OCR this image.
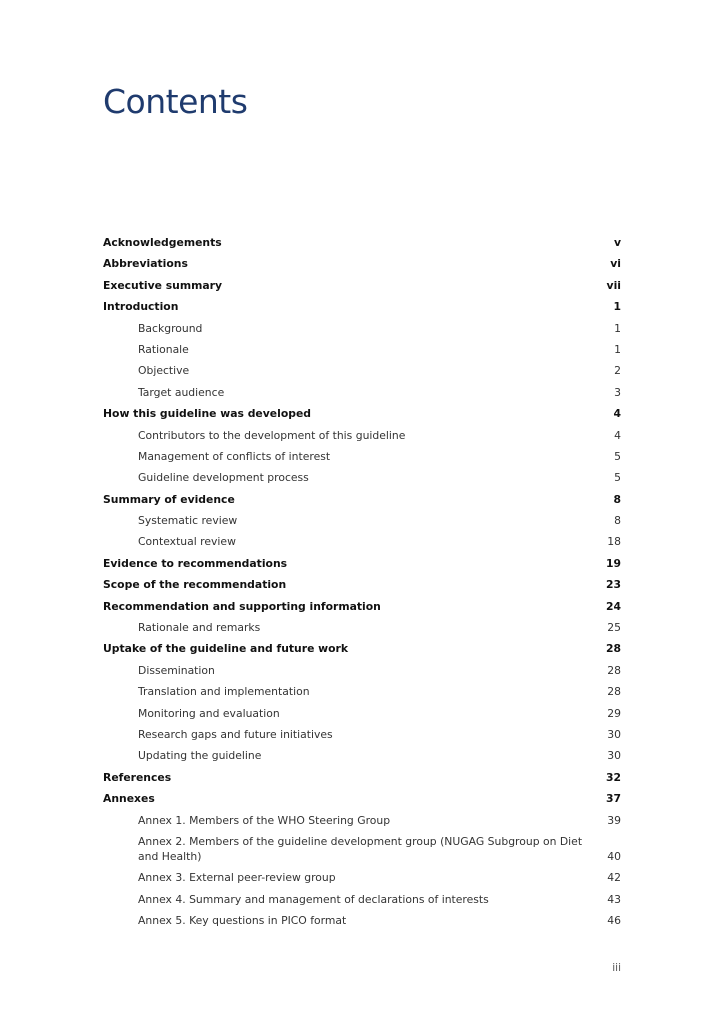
Contents
Acknowledgements	v
Abbreviations	vi
Executive summary	vii
Introduction	1
Background	1
Rationale	1
Objective	2
Target audience	3
How this guideline was developed	4
Contributors to the development of this guideline	4
Management of conflicts of interest	5
Guideline development process	5
Summary of evidence	8
Systematic review	8
Contextual review	18
Evidence to recommendations	19
Scope of the recommendation	23
Recommendation and supporting information	24
Rationale and remarks	25
Uptake of the guideline and future work	28
Dissemination	28
Translation and implementation	28
Monitoring and evaluation	29
Research gaps and future initiatives	30
Updating the guideline	30
References	32
Annexes	37
Annex 1. Members of the WHO Steering Group	39
Annex 2. Members of the guideline development group (NUGAG Subgroup on Diet and Health)	40
Annex 3. External peer-review group	42
Annex 4. Summary and management of declarations of interests	43
Annex 5. Key questions in PICO format	46
iii
